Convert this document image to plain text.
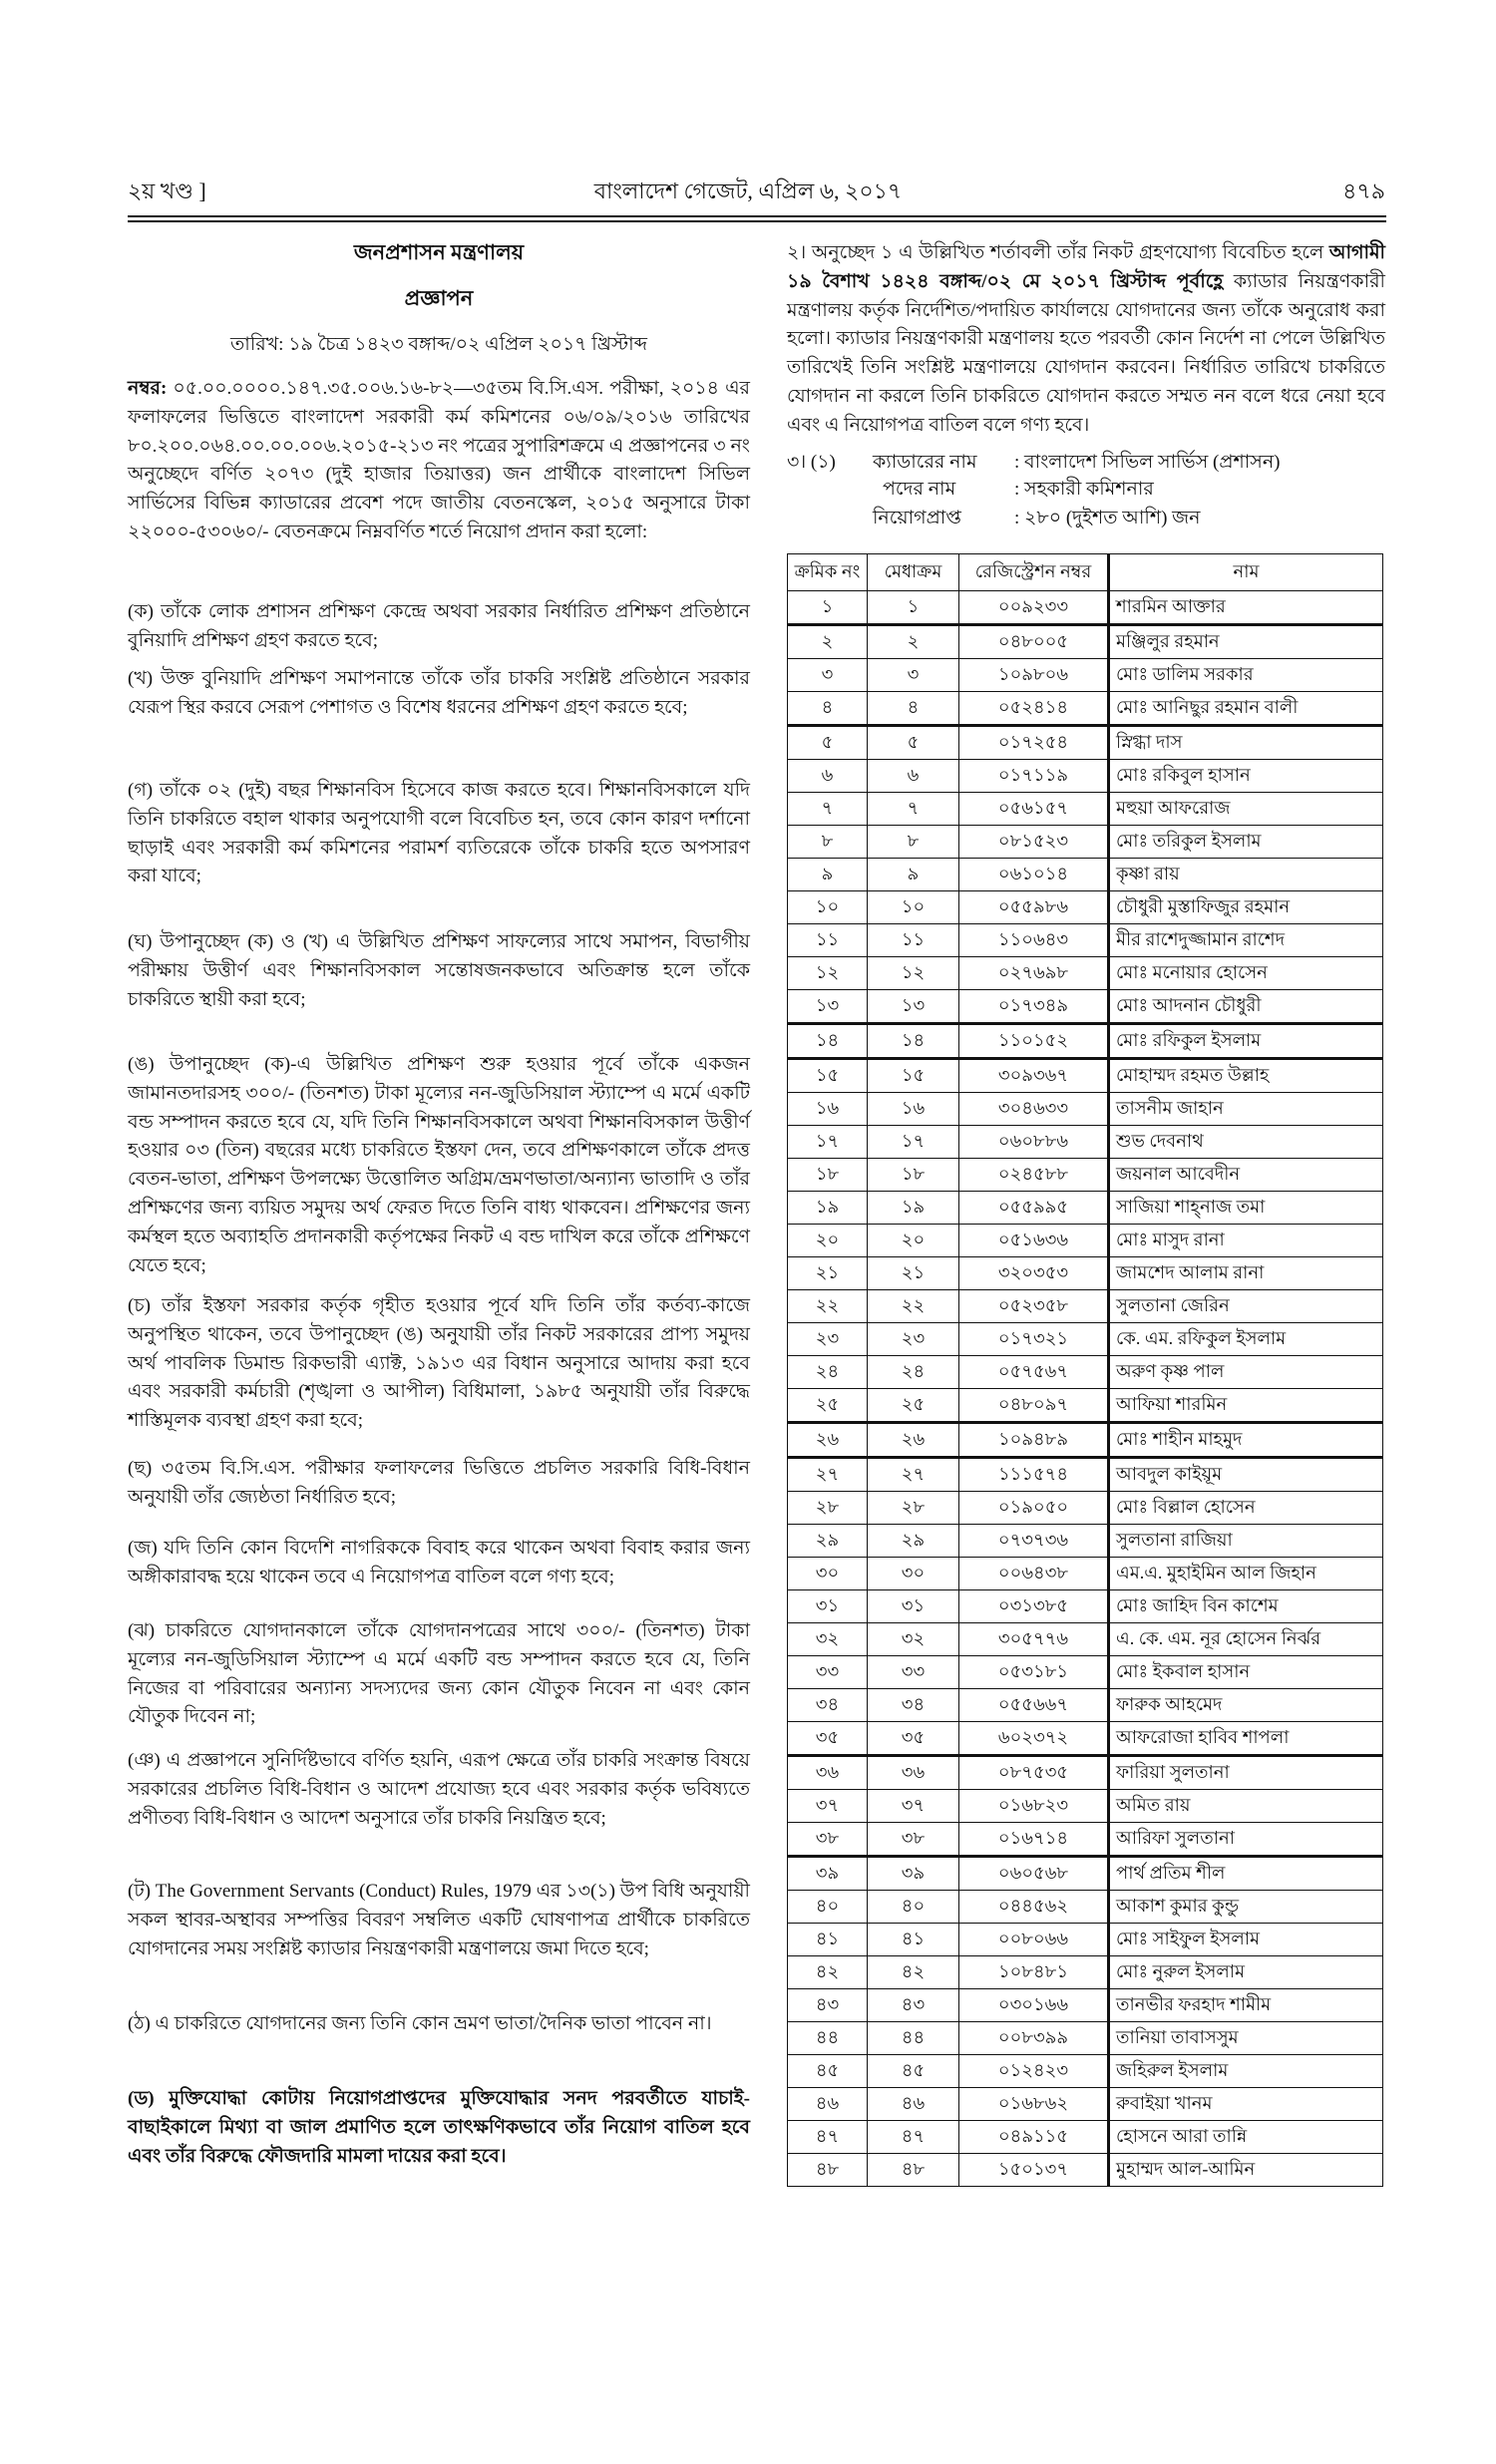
২য় খণ্ড ]	বাংলাদেশ গেজেট, এপ্রিল ৬, ২০১৭	৪৭৯
জনপ্রশাসন মন্ত্রণালয়
প্রজ্ঞাপন
তারিখ: ১৯ চৈত্র ১৪২৩ বঙ্গাব্দ/০২ এপ্রিল ২০১৭ খ্রিস্টাব্দ

নম্বর: ০৫.০০.০০০০.১৪৭.৩৫.০০৬.১৬-৮২—৩৫তম বি.সি.এস. পরীক্ষা, ২০১৪ এর ফলাফলের ভিত্তিতে বাংলাদেশ সরকারী কর্ম কমিশনের ০৬/০৯/২০১৬ তারিখের ৮০.২০০.০৬৪.০০.০০.০০৬.২০১৫-২১৩ নং পত্রের সুপারিশক্রমে এ প্রজ্ঞাপনের ৩ নং অনুচ্ছেদে বর্ণিত ২০৭৩ (দুই হাজার তিয়াত্তর) জন প্রার্থীকে বাংলাদেশ সিভিল সার্ভিসের বিভিন্ন ক্যাডারের প্রবেশ পদে জাতীয় বেতনস্কেল, ২০১৫ অনুসারে টাকা ২২০০০-৫৩০৬০/- বেতনক্রমে নিম্নবর্ণিত শর্তে নিয়োগ প্রদান করা হলো:

(ক) তাঁকে লোক প্রশাসন প্রশিক্ষণ কেন্দ্রে অথবা সরকার নির্ধারিত প্রশিক্ষণ প্রতিষ্ঠানে বুনিয়াদি প্রশিক্ষণ গ্রহণ করতে হবে;

(খ) উক্ত বুনিয়াদি প্রশিক্ষণ সমাপনান্তে তাঁকে তাঁর চাকরি সংশ্লিষ্ট প্রতিষ্ঠানে সরকার যেরূপ স্থির করবে সেরূপ পেশাগত ও বিশেষ ধরনের প্রশিক্ষণ গ্রহণ করতে হবে;

(গ) তাঁকে ০২ (দুই) বছর শিক্ষানবিস হিসেবে কাজ করতে হবে। শিক্ষানবিসকালে যদি তিনি চাকরিতে বহাল থাকার অনুপযোগী বলে বিবেচিত হন, তবে কোন কারণ দর্শানো ছাড়াই এবং সরকারী কর্ম কমিশনের পরামর্শ ব্যতিরেকে তাঁকে চাকরি হতে অপসারণ করা যাবে;

(ঘ) উপানুচ্ছেদ (ক) ও (খ) এ উল্লিখিত প্রশিক্ষণ সাফল্যের সাথে সমাপন, বিভাগীয় পরীক্ষায় উত্তীর্ণ এবং শিক্ষানবিসকাল সন্তোষজনকভাবে অতিক্রান্ত হলে তাঁকে চাকরিতে স্থায়ী করা হবে;

(ঙ) উপানুচ্ছেদ (ক)-এ উল্লিখিত প্রশিক্ষণ শুরু হওয়ার পূর্বে তাঁকে একজন জামানতদারসহ ৩০০/- (তিনশত) টাকা মূল্যের নন-জুডিসিয়াল স্ট্যাম্পে এ মর্মে একটি বন্ড সম্পাদন করতে হবে যে, যদি তিনি শিক্ষানবিসকালে অথবা শিক্ষানবিসকাল উত্তীর্ণ হওয়ার ০৩ (তিন) বছরের মধ্যে চাকরিতে ইস্তফা দেন, তবে প্রশিক্ষণকালে তাঁকে প্রদত্ত বেতন-ভাতা, প্রশিক্ষণ উপলক্ষ্যে উত্তোলিত অগ্রিম/ভ্রমণভাতা/অন্যান্য ভাতাদি ও তাঁর প্রশিক্ষণের জন্য ব্যয়িত সমুদয় অর্থ ফেরত দিতে তিনি বাধ্য থাকবেন। প্রশিক্ষণের জন্য কর্মস্থল হতে অব্যাহতি প্রদানকারী কর্তৃপক্ষের নিকট এ বন্ড দাখিল করে তাঁকে প্রশিক্ষণে যেতে হবে;

(চ) তাঁর ইস্তফা সরকার কর্তৃক গৃহীত হওয়ার পূর্বে যদি তিনি তাঁর কর্তব্য-কাজে অনুপস্থিত থাকেন, তবে উপানুচ্ছেদ (ঙ) অনুযায়ী তাঁর নিকট সরকারের প্রাপ্য সমুদয় অর্থ পাবলিক ডিমান্ড রিকভারী এ্যাক্ট, ১৯১৩ এর বিধান অনুসারে আদায় করা হবে এবং সরকারী কর্মচারী (শৃঙ্খলা ও আপীল) বিধিমালা, ১৯৮৫ অনুযায়ী তাঁর বিরুদ্ধে শাস্তিমূলক ব্যবস্থা গ্রহণ করা হবে;

(ছ) ৩৫তম বি.সি.এস. পরীক্ষার ফলাফলের ভিত্তিতে প্রচলিত সরকারি বিধি-বিধান অনুযায়ী তাঁর জ্যেষ্ঠতা নির্ধারিত হবে;

(জ) যদি তিনি কোন বিদেশি নাগরিককে বিবাহ করে থাকেন অথবা বিবাহ করার জন্য অঙ্গীকারাবদ্ধ হয়ে থাকেন তবে এ নিয়োগপত্র বাতিল বলে গণ্য হবে;

(ঝ) চাকরিতে যোগদানকালে তাঁকে যোগদানপত্রের সাথে ৩০০/- (তিনশত) টাকা মূল্যের নন-জুডিসিয়াল স্ট্যাম্পে এ মর্মে একটি বন্ড সম্পাদন করতে হবে যে, তিনি নিজের বা পরিবারের অন্যান্য সদস্যদের জন্য কোন যৌতুক নিবেন না এবং কোন যৌতুক দিবেন না;

(ঞ) এ প্রজ্ঞাপনে সুনির্দিষ্টভাবে বর্ণিত হয়নি, এরূপ ক্ষেত্রে তাঁর চাকরি সংক্রান্ত বিষয়ে সরকারের প্রচলিত বিধি-বিধান ও আদেশ প্রযোজ্য হবে এবং সরকার কর্তৃক ভবিষ্যতে প্রণীতব্য বিধি-বিধান ও আদেশ অনুসারে তাঁর চাকরি নিয়ন্ত্রিত হবে;

(ট) The Government Servants (Conduct) Rules, 1979 এর ১৩(১) উপ বিধি অনুযায়ী সকল স্থাবর-অস্থাবর সম্পত্তির বিবরণ সম্বলিত একটি ঘোষণাপত্র প্রার্থীকে চাকরিতে যোগদানের সময় সংশ্লিষ্ট ক্যাডার নিয়ন্ত্রণকারী মন্ত্রণালয়ে জমা দিতে হবে;

(ঠ) এ চাকরিতে যোগদানের জন্য তিনি কোন ভ্রমণ ভাতা/দৈনিক ভাতা পাবেন না।

(ড) মুক্তিযোদ্ধা কোটায় নিয়োগপ্রাপ্তদের মুক্তিযোদ্ধার সনদ পরবর্তীতে যাচাই-বাছাইকালে মিথ্যা বা জাল প্রমাণিত হলে তাৎক্ষণিকভাবে তাঁর নিয়োগ বাতিল হবে এবং তাঁর বিরুদ্ধে ফৌজদারি মামলা দায়ের করা হবে।

২। অনুচ্ছেদ ১ এ উল্লিখিত শর্তাবলী তাঁর নিকট গ্রহণযোগ্য বিবেচিত হলে আগামী ১৯ বৈশাখ ১৪২৪ বঙ্গাব্দ/০২ মে ২০১৭ খ্রিস্টাব্দ পূর্বাহ্ণে ক্যাডার নিয়ন্ত্রণকারী মন্ত্রণালয় কর্তৃক নির্দেশিত/পদায়িত কার্যালয়ে যোগদানের জন্য তাঁকে অনুরোধ করা হলো। ক্যাডার নিয়ন্ত্রণকারী মন্ত্রণালয় হতে পরবর্তী কোন নির্দেশ না পেলে উল্লিখিত তারিখেই তিনি সংশ্লিষ্ট মন্ত্রণালয়ে যোগদান করবেন। নির্ধারিত তারিখে চাকরিতে যোগদান না করলে তিনি চাকরিতে যোগদান করতে সম্মত নন বলে ধরে নেয়া হবে এবং এ নিয়োগপত্র বাতিল বলে গণ্য হবে।

৩। (১) ক্যাডারের নাম : বাংলাদেশ সিভিল সার্ভিস (প্রশাসন)
পদের নাম	: সহকারী কমিশনার
নিয়োগপ্রাপ্ত	: ২৮০ (দুইশত আশি) জন
ক্রমিক নং	মেধাক্রম	রেজিস্ট্রেশন নম্বর	নাম
১	১	০০৯২৩৩	শারমিন আক্তার
২	২	০৪৮০০৫	মঞ্জিলুর রহমান
৩	৩	১০৯৮০৬	মোঃ ডালিম সরকার
৪	৪	০৫২৪১৪	মোঃ আনিছুর রহমান বালী
৫	৫	০১৭২৫৪	স্নিগ্ধা দাস
৬	৬	০১৭১১৯	মোঃ রকিবুল হাসান
৭	৭	০৫৬১৫৭	মহুয়া আফরোজ
৮	৮	০৮১৫২৩	মোঃ তরিকুল ইসলাম
৯	৯	০৬১০১৪	কৃষ্ণা রায়
১০	১০	০৫৫৯৮৬	চৌধুরী মুস্তাফিজুর রহমান
১১	১১	১১০৬৪৩	মীর রাশেদুজ্জামান রাশেদ
১২	১২	০২৭৬৯৮	মোঃ মনোয়ার হোসেন
১৩	১৩	০১৭৩৪৯	মোঃ আদনান চৌধুরী
১৪	১৪	১১০১৫২	মোঃ রফিকুল ইসলাম
১৫	১৫	৩০৯৩৬৭	মোহাম্মদ রহমত উল্লাহ
১৬	১৬	৩০৪৬৩৩	তাসনীম জাহান
১৭	১৭	০৬০৮৮৬	শুভ দেবনাথ
১৮	১৮	০২৪৫৮৮	জয়নাল আবেদীন
১৯	১৯	০৫৫৯৯৫	সাজিয়া শাহ্‌নাজ তমা
২০	২০	০৫১৬৩৬	মোঃ মাসুদ রানা
২১	২১	৩২০৩৫৩	জামশেদ আলাম রানা
২২	২২	০৫২৩৫৮	সুলতানা জেরিন
২৩	২৩	০১৭৩২১	কে. এম. রফিকুল ইসলাম
২৪	২৪	০৫৭৫৬৭	অরুণ কৃষ্ণ পাল
২৫	২৫	০৪৮০৯৭	আফিয়া শারমিন
২৬	২৬	১০৯৪৮৯	মোঃ শাহীন মাহমুদ
২৭	২৭	১১১৫৭৪	আবদুল কাইয়ূম
২৮	২৮	০১৯০৫০	মোঃ বিল্লাল হোসেন
২৯	২৯	০৭৩৭৩৬	সুলতানা রাজিয়া
৩০	৩০	০০৬৪৩৮	এম.এ. মুহাইমিন আল জিহান
৩১	৩১	০৩১৩৮৫	মোঃ জাহিদ বিন কাশেম
৩২	৩২	৩০৫৭৭৬	এ. কে. এম. নূর হোসেন নির্ঝর
৩৩	৩৩	০৫৩১৮১	মোঃ ইকবাল হাসান
৩৪	৩৪	০৫৫৬৬৭	ফারুক আহমেদ
৩৫	৩৫	৬০২৩৭২	আফরোজা হাবিব শাপলা
৩৬	৩৬	০৮৭৫৩৫	ফারিয়া সুলতানা
৩৭	৩৭	০১৬৮২৩	অমিত রায়
৩৮	৩৮	০১৬৭১৪	আরিফা সুলতানা
৩৯	৩৯	০৬০৫৬৮	পার্থ প্রতিম শীল
৪০	৪০	০৪৪৫৬২	আকাশ কুমার কুন্ডু
৪১	৪১	০০৮০৬৬	মোঃ সাইফুল ইসলাম
৪২	৪২	১০৮৪৮১	মোঃ নুরুল ইসলাম
৪৩	৪৩	০৩০১৬৬	তানভীর ফরহাদ শামীম
৪৪	৪৪	০০৮৩৯৯	তানিয়া তাবাসসুম
৪৫	৪৫	০১২৪২৩	জহিরুল ইসলাম
৪৬	৪৬	০১৬৮৬২	রুবাইয়া খানম
৪৭	৪৭	০৪৯১১৫	হোসনে আরা তান্নি
৪৮	৪৮	১৫০১৩৭	মুহাম্মদ আল-আমিন
